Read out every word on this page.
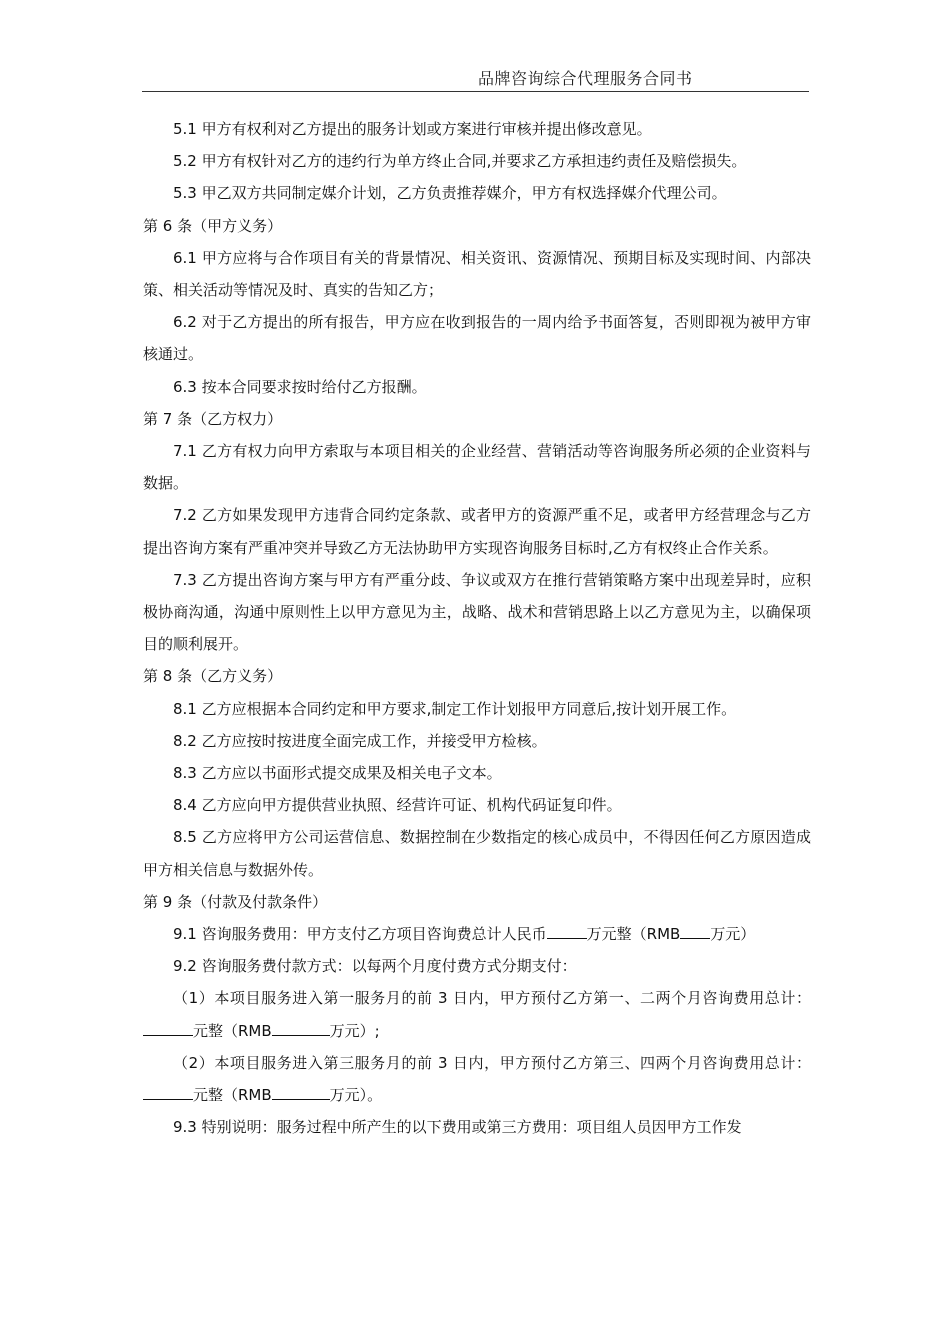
品牌咨询综合代理服务合同书

5.1 甲方有权利对乙方提出的服务计划或方案进行审核并提出修改意见。

5.2 甲方有权针对乙方的违约行为单方终止合同,并要求乙方承担违约责任及赔偿损失。

5.3 甲乙双方共同制定媒介计划，乙方负责推荐媒介，甲方有权选择媒介代理公司。

第 6 条（甲方义务）

6.1 甲方应将与合作项目有关的背景情况、相关资讯、资源情况、预期目标及实现时间、内部决策、相关活动等情况及时、真实的告知乙方；

6.2 对于乙方提出的所有报告，甲方应在收到报告的一周内给予书面答复，否则即视为被甲方审核通过。

6.3 按本合同要求按时给付乙方报酬。

第 7 条（乙方权力）

7.1 乙方有权力向甲方索取与本项目相关的企业经营、营销活动等咨询服务所必须的企业资料与数据。

7.2 乙方如果发现甲方违背合同约定条款、或者甲方的资源严重不足，或者甲方经营理念与乙方提出咨询方案有严重冲突并导致乙方无法协助甲方实现咨询服务目标时,乙方有权终止合作关系。

7.3 乙方提出咨询方案与甲方有严重分歧、争议或双方在推行营销策略方案中出现差异时，应积极协商沟通，沟通中原则性上以甲方意见为主，战略、战术和营销思路上以乙方意见为主，以确保项目的顺利展开。

第 8 条（乙方义务）

8.1 乙方应根据本合同约定和甲方要求,制定工作计划报甲方同意后,按计划开展工作。

8.2 乙方应按时按进度全面完成工作，并接受甲方检核。

8.3 乙方应以书面形式提交成果及相关电子文本。

8.4 乙方应向甲方提供营业执照、经营许可证、机构代码证复印件。

8.5 乙方应将甲方公司运营信息、数据控制在少数指定的核心成员中，不得因任何乙方原因造成甲方相关信息与数据外传。

第 9 条（付款及付款条件）

9.1 咨询服务费用：甲方支付乙方项目咨询费总计人民币	万元整（RMB 万元）

9.2 咨询服务费付款方式：以每两个月度付费方式分期支付：

（1）本项目服务进入第一服务月的前 3 日内，甲方预付乙方第一、二两个月咨询费用总计：元整（RMB	万元）;

（2）本项目服务进入第三服务月的前 3 日内，甲方预付乙方第三、四两个月咨询费用总计：元整（RMB	万元）。

9.3 特别说明：服务过程中所产生的以下费用或第三方费用：项目组人员因甲方工作发
